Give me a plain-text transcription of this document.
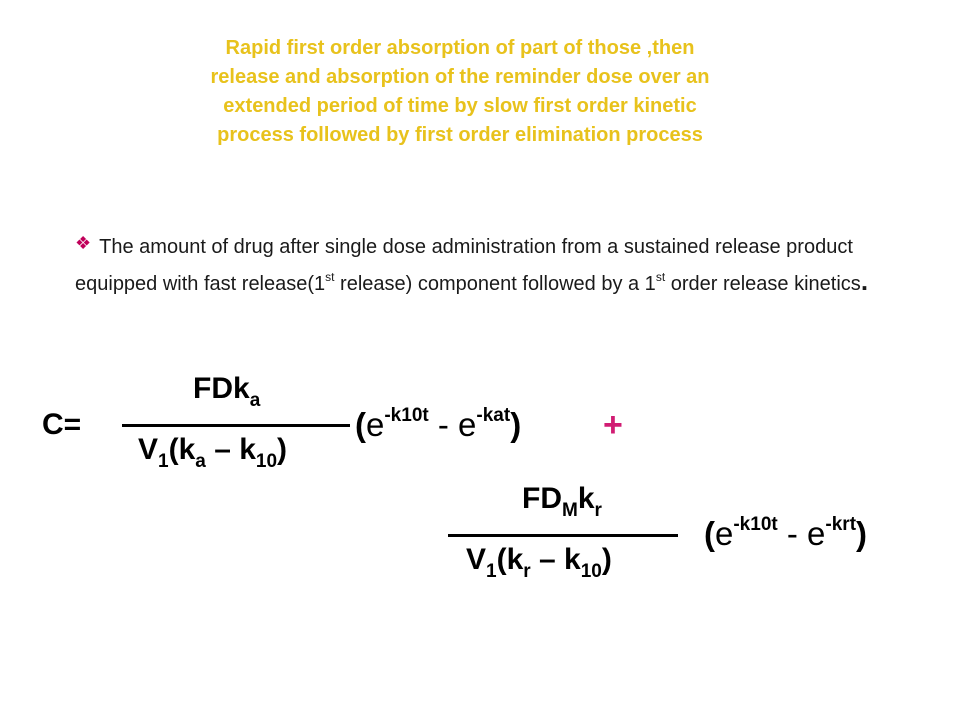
Rapid first order absorption of part of those ,then
release and absorption of the reminder dose over an
extended period of time by slow first order kinetic
process followed by first order elimination process
❖ The amount of drug after single dose administration from a sustained release product equipped with fast release(1st release) component followed by a 1st order release kinetics.
C=
FDk$_a$
$V_1(k_a - k_{10})$
$(e^{-k10t} - e^{-kat})$ +
$FD_Mk_r$
$V_1(k_r - k_{10})$
$(e^{-k10t} - e^{-krt})$
